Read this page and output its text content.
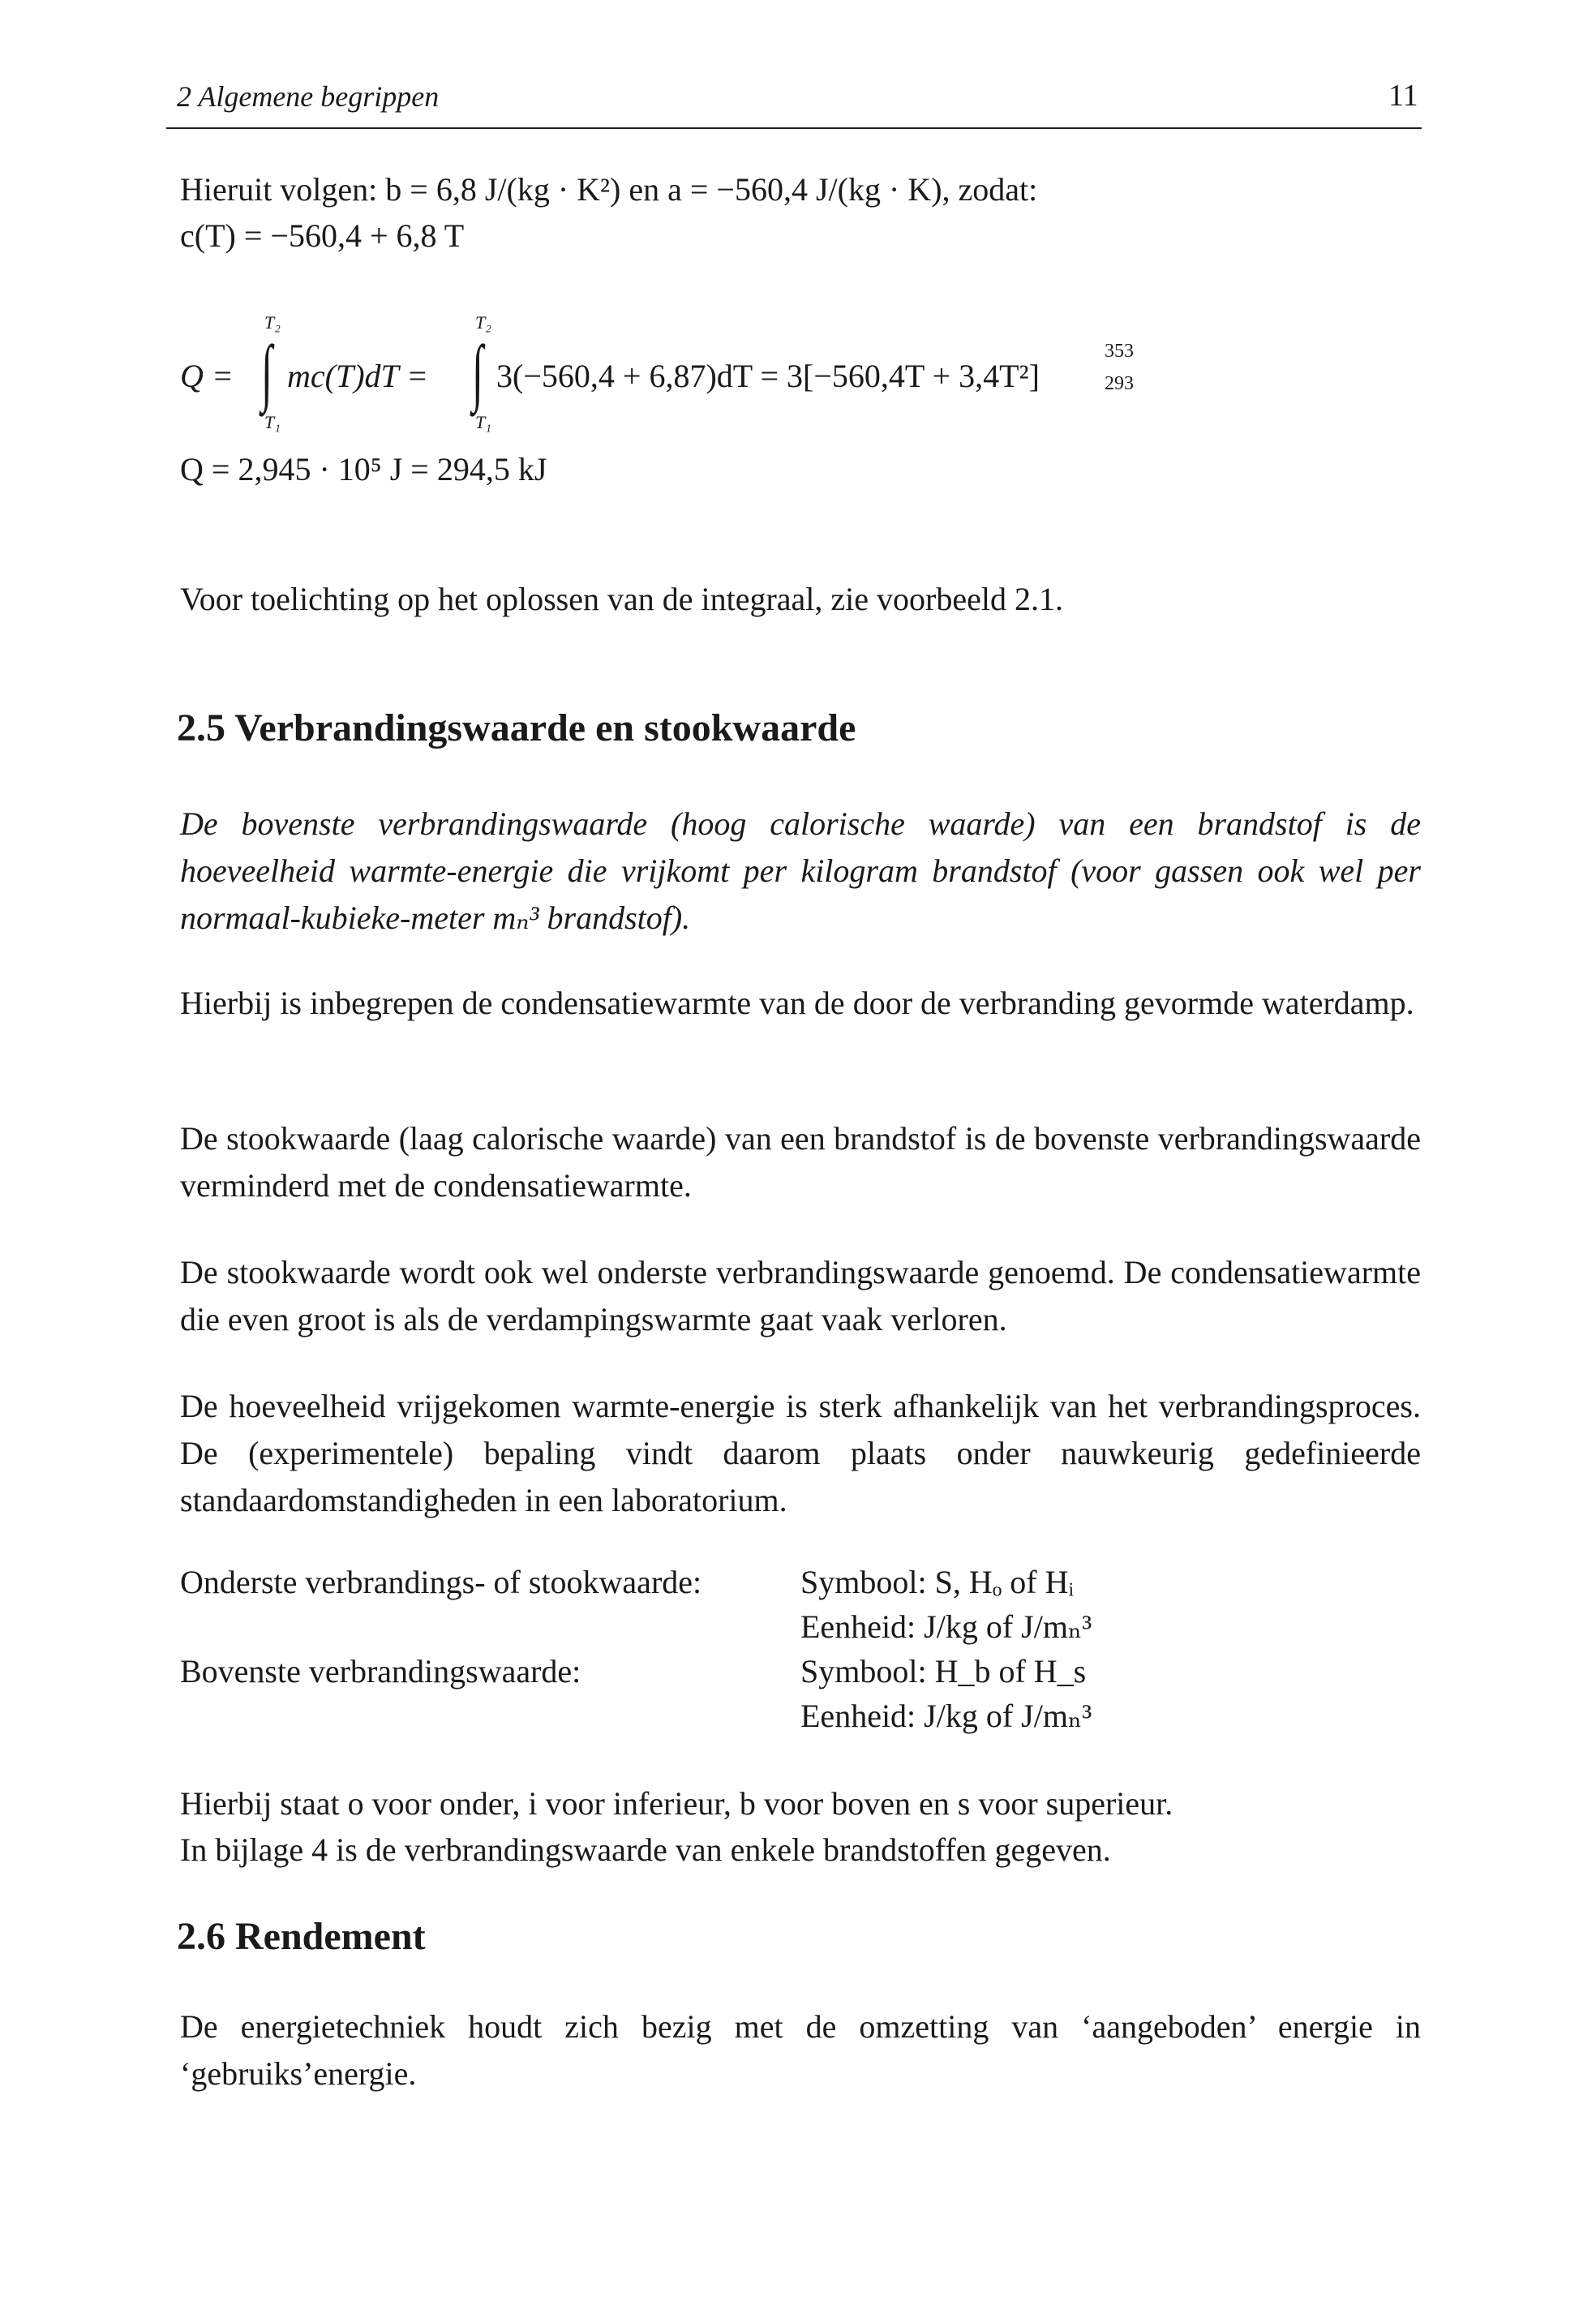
2 Algemene begrippen	11
Hieruit volgen: b = 6,8 J/(kg · K²) en a = −560,4 J/(kg · K), zodat:
c(T) = −560,4 + 6,8 T
Q =
T₂
∫
T₁
mc(T)dT =
T₂
∫
T₁
3(−560,4 + 6,87)dT = 3[−560,4T + 3,4T²]
353
293
Q = 2,945 · 10⁵ J = 294,5 kJ
Voor toelichting op het oplossen van de integraal, zie voorbeeld 2.1.
2.5 Verbrandingswaarde en stookwaarde
De bovenste verbrandingswaarde (hoog calorische waarde) van een brandstof is de hoeveelheid warmte-energie die vrijkomt per kilogram brandstof (voor gassen ook wel per normaal-kubieke-meter mₙ³ brandstof).
Hierbij is inbegrepen de condensatiewarmte van de door de verbranding gevormde waterdamp.
De stookwaarde (laag calorische waarde) van een brandstof is de bovenste verbrandingswaarde verminderd met de condensatiewarmte.
De stookwaarde wordt ook wel onderste verbrandingswaarde genoemd. De condensatiewarmte die even groot is als de verdampingswarmte gaat vaak verloren.
De hoeveelheid vrijgekomen warmte-energie is sterk afhankelijk van het verbrandingsproces. De (experimentele) bepaling vindt daarom plaats onder nauwkeurig gedefinieerde standaardomstandigheden in een laboratorium.
Onderste verbrandings- of stookwaarde:	Symbool: S, Hₒ of Hᵢ
Eenheid: J/kg of J/mₙ³
Bovenste verbrandingswaarde:	Symbool: H_b of H_s
Eenheid: J/kg of J/mₙ³
Hierbij staat o voor onder, i voor inferieur, b voor boven en s voor superieur.
In bijlage 4 is de verbrandingswaarde van enkele brandstoffen gegeven.
2.6 Rendement
De energietechniek houdt zich bezig met de omzetting van ‘aangeboden’ energie in ‘gebruiks’energie.
